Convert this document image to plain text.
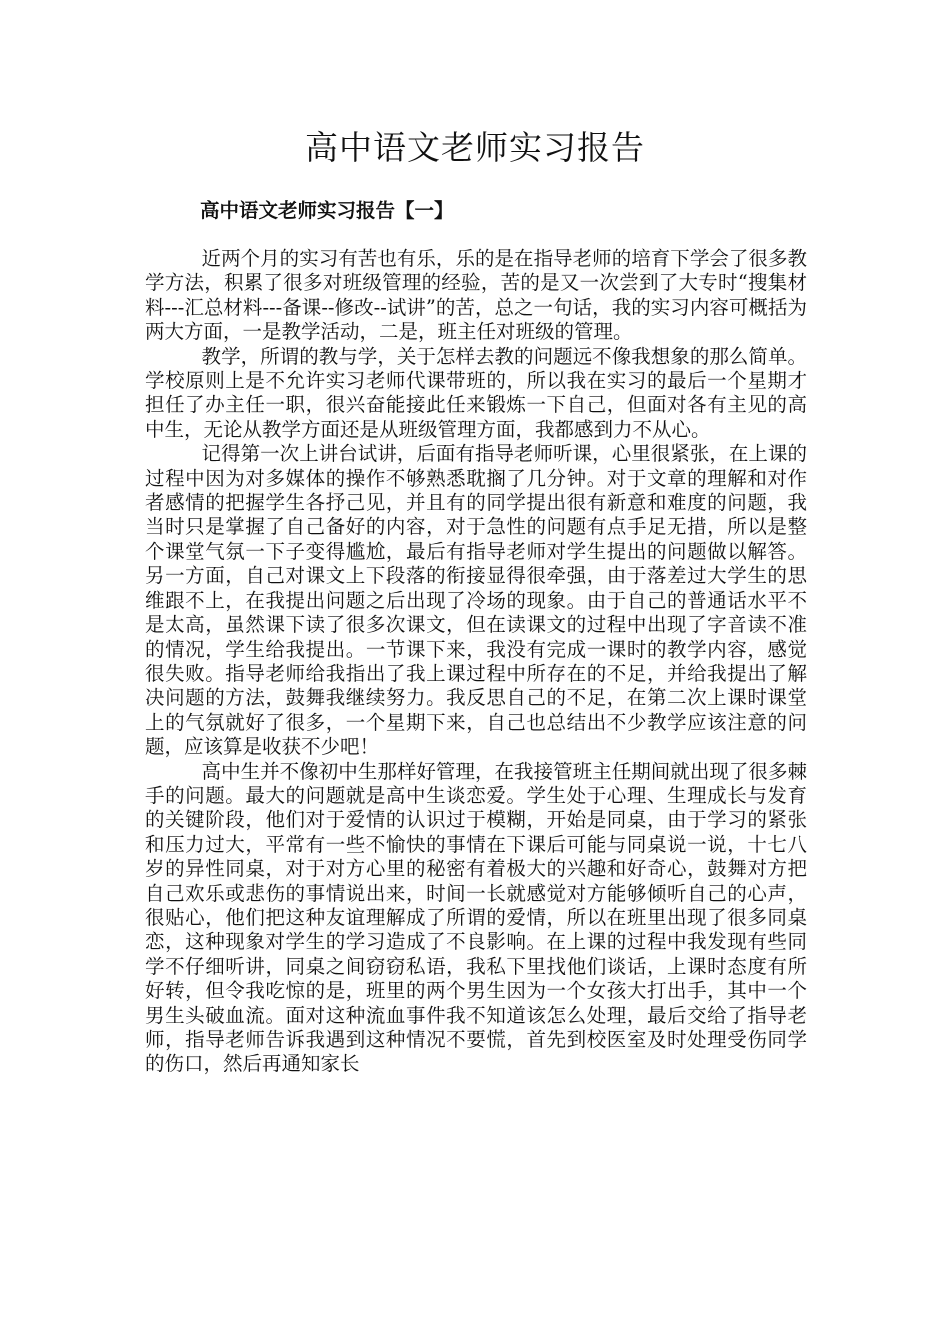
高中语文老师实习报告
高中语文老师实习报告【一】

近两个月的实习有苦也有乐，乐的是在指导老师的培育下学会了很多教学方法，积累了很多对班级管理的经验，苦的是又一次尝到了大专时“搜集材料---汇总材料---备课--修改--试讲”的苦，总之一句话，我的实习内容可概括为两大方面，一是教学活动，二是，班主任对班级的管理。

教学，所谓的教与学，关于怎样去教的问题远不像我想象的那么简单。学校原则上是不允许实习老师代课带班的，所以我在实习的最后一个星期才担任了办主任一职，很兴奋能接此任来锻炼一下自己，但面对各有主见的高中生，无论从教学方面还是从班级管理方面，我都感到力不从心。

记得第一次上讲台试讲，后面有指导老师听课，心里很紧张，在上课的过程中因为对多媒体的操作不够熟悉耽搁了几分钟。对于文章的理解和对作者感情的把握学生各抒己见，并且有的同学提出很有新意和难度的问题，我当时只是掌握了自己备好的内容，对于急性的问题有点手足无措，所以是整个课堂气氛一下子变得尴尬，最后有指导老师对学生提出的问题做以解答。另一方面，自己对课文上下段落的衔接显得很牵强，由于落差过大学生的思维跟不上，在我提出问题之后出现了冷场的现象。由于自己的普通话水平不是太高，虽然课下读了很多次课文，但在读课文的过程中出现了字音读不准的情况，学生给我提出。一节课下来，我没有完成一课时的教学内容，感觉很失败。指导老师给我指出了我上课过程中所存在的不足，并给我提出了解决问题的方法，鼓舞我继续努力。我反思自己的不足，在第二次上课时课堂上的气氛就好了很多，一个星期下来，自己也总结出不少教学应该注意的问题，应该算是收获不少吧！

高中生并不像初中生那样好管理，在我接管班主任期间就出现了很多棘手的问题。最大的问题就是高中生谈恋爱。学生处于心理、生理成长与发育的关键阶段，他们对于爱情的认识过于模糊，开始是同桌，由于学习的紧张和压力过大，平常有一些不愉快的事情在下课后可能与同桌说一说，十七八岁的异性同桌，对于对方心里的秘密有着极大的兴趣和好奇心，鼓舞对方把自己欢乐或悲伤的事情说出来，时间一长就感觉对方能够倾听自己的心声，很贴心，他们把这种友谊理解成了所谓的爱情，所以在班里出现了很多同桌恋，这种现象对学生的学习造成了不良影响。在上课的过程中我发现有些同学不仔细听讲，同桌之间窃窃私语，我私下里找他们谈话，上课时态度有所好转，但令我吃惊的是，班里的两个男生因为一个女孩大打出手，其中一个男生头破血流。面对这种流血事件我不知道该怎么处理，最后交给了指导老师，指导老师告诉我遇到这种情况不要慌，首先到校医室及时处理受伤同学的伤口，然后再通知家长
